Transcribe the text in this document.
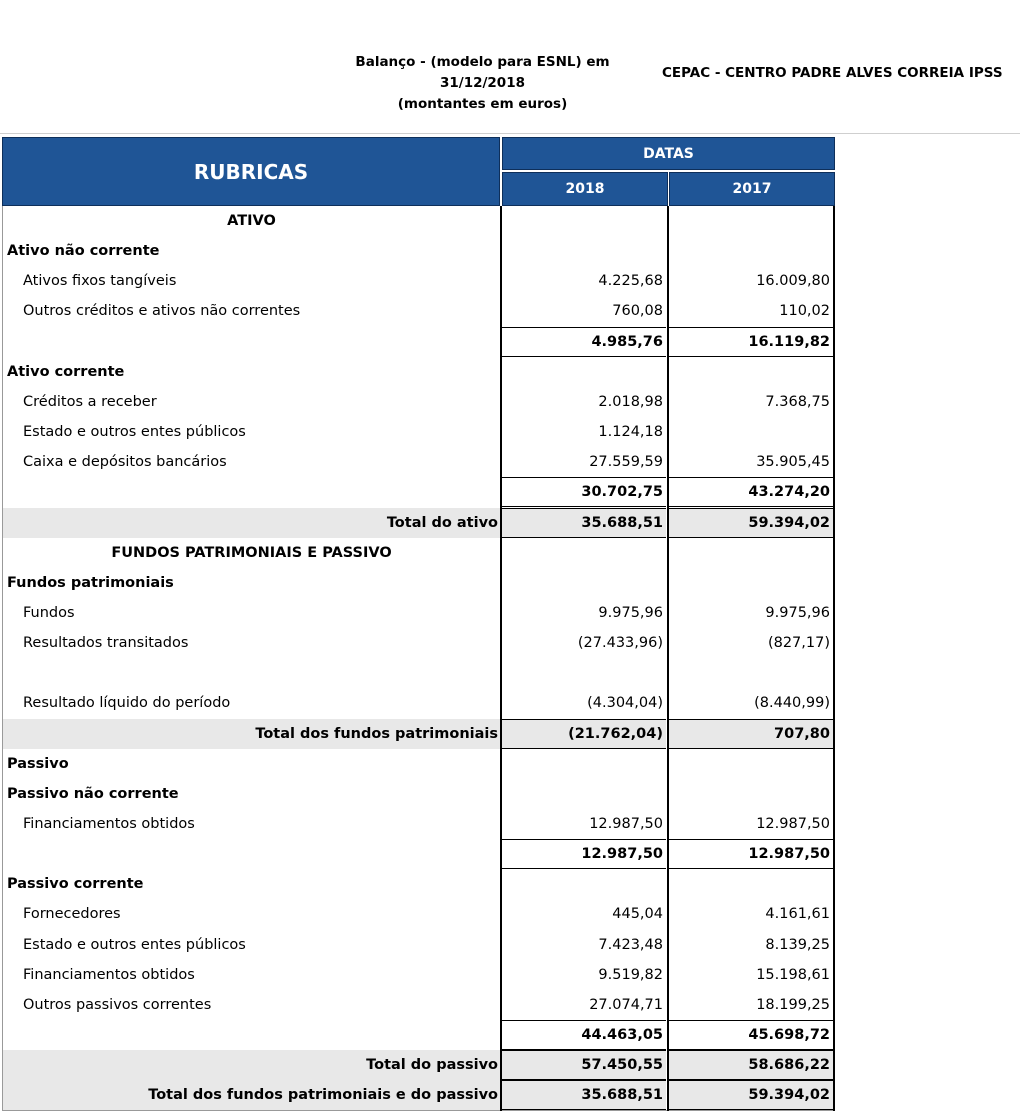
Balanço - (modelo para ESNL) em
31/12/2018
(montantes em euros)
CEPAC - CENTRO PADRE ALVES CORREIA IPSS
RUBRICAS
DATAS
2018	2017
Total dos fundos patrimoniais e do passivo	35.688,51	59.394,02
Total do passivo	57.450,55	58.686,22
44.463,05	45.698,72
Outros passivos correntes	27.074,71	18.199,25
Financiamentos obtidos	9.519,82	15.198,61
Estado e outros entes públicos	7.423,48	8.139,25
Fornecedores	445,04	4.161,61
Passivo corrente
12.987,50	12.987,50
Financiamentos obtidos	12.987,50	12.987,50
Passivo não corrente
Passivo
Total dos fundos patrimoniais	(21.762,04)	707,80
Resultado líquido do período	(4.304,04)	(8.440,99)
Resultados transitados	(27.433,96)	(827,17)
Fundos	9.975,96	9.975,96
Fundos patrimoniais
FUNDOS PATRIMONIAIS E PASSIVO
Total do ativo	35.688,51	59.394,02
30.702,75	43.274,20
Caixa e depósitos bancários	27.559,59	35.905,45
Estado e outros entes públicos	1.124,18
Créditos a receber	2.018,98	7.368,75
Ativo corrente
4.985,76	16.119,82
Outros créditos e ativos não correntes	760,08	110,02
Ativos fixos tangíveis	4.225,68	16.009,80
Ativo não corrente
ATIVO
